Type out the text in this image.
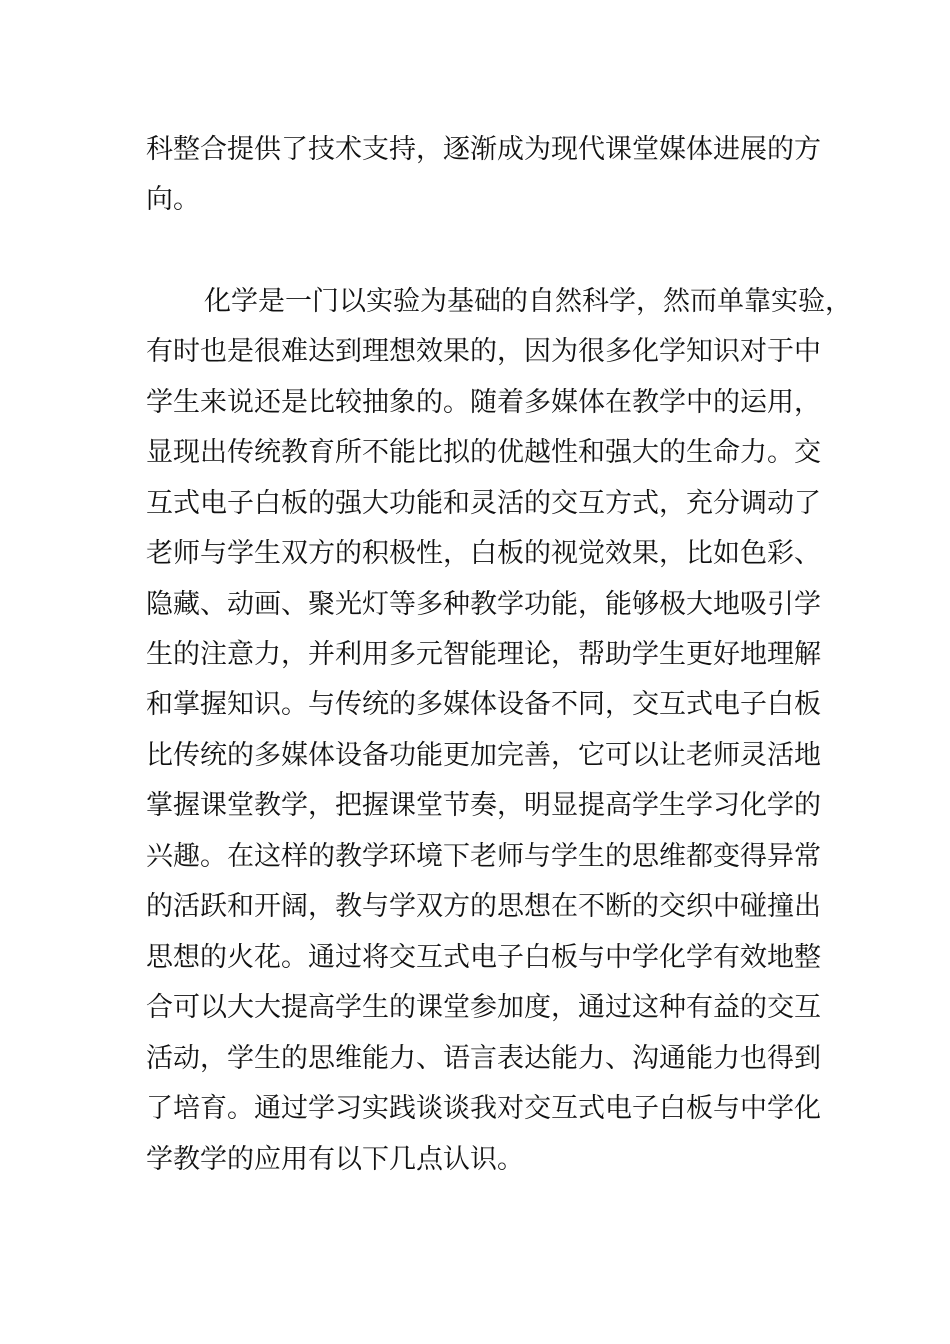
科整合提供了技术支持，逐渐成为现代课堂媒体进展的方
向。
化学是一门以实验为基础的自然科学，然而单靠实验，
有时也是很难达到理想效果的，因为很多化学知识对于中
学生来说还是比较抽象的。随着多媒体在教学中的运用，
显现出传统教育所不能比拟的优越性和强大的生命力。交
互式电子白板的强大功能和灵活的交互方式，充分调动了
老师与学生双方的积极性，白板的视觉效果，比如色彩、
隐藏、动画、聚光灯等多种教学功能，能够极大地吸引学
生的注意力，并利用多元智能理论，帮助学生更好地理解
和掌握知识。与传统的多媒体设备不同，交互式电子白板
比传统的多媒体设备功能更加完善，它可以让老师灵活地
掌握课堂教学，把握课堂节奏，明显提高学生学习化学的
兴趣。在这样的教学环境下老师与学生的思维都变得异常
的活跃和开阔，教与学双方的思想在不断的交织中碰撞出
思想的火花。通过将交互式电子白板与中学化学有效地整
合可以大大提高学生的课堂参加度，通过这种有益的交互
活动，学生的思维能力、语言表达能力、沟通能力也得到
了培育。通过学习实践谈谈我对交互式电子白板与中学化
学教学的应用有以下几点认识。
